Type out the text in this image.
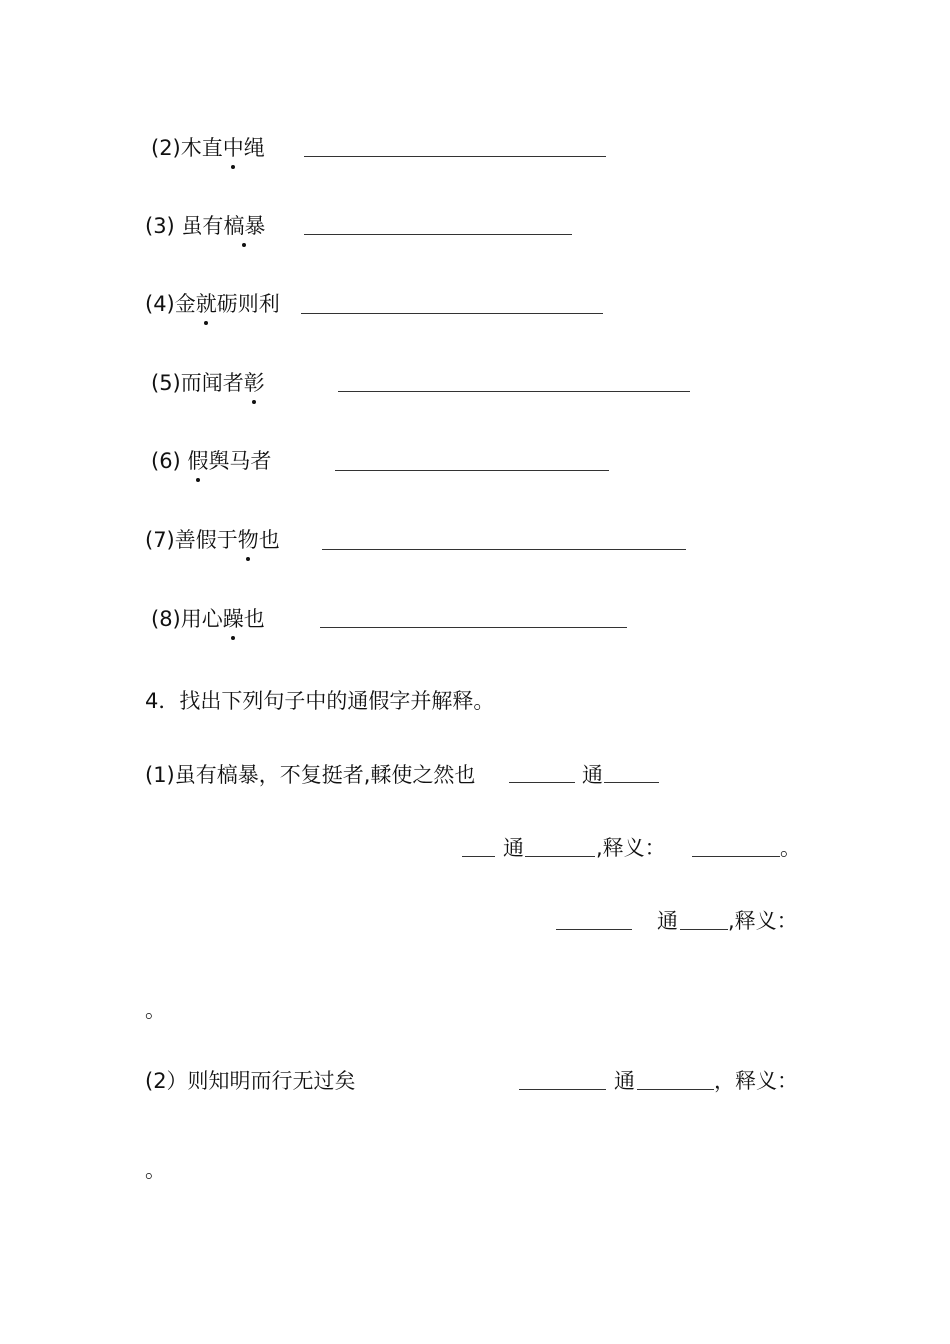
(2)木直中绳
(3) 虽有槁暴
(4)金就砺则利
(5)而闻者彰
(6) 假舆马者
(7)善假于物也
(8)用心躁也
4．找出下列句子中的通假字并解释。
(1)虽有槁暴，不复挺者,輮使之然也	通
通	,释义：	。
通 ,释义：
。
(2）则知明而行无过矣	通	，释义：
。
